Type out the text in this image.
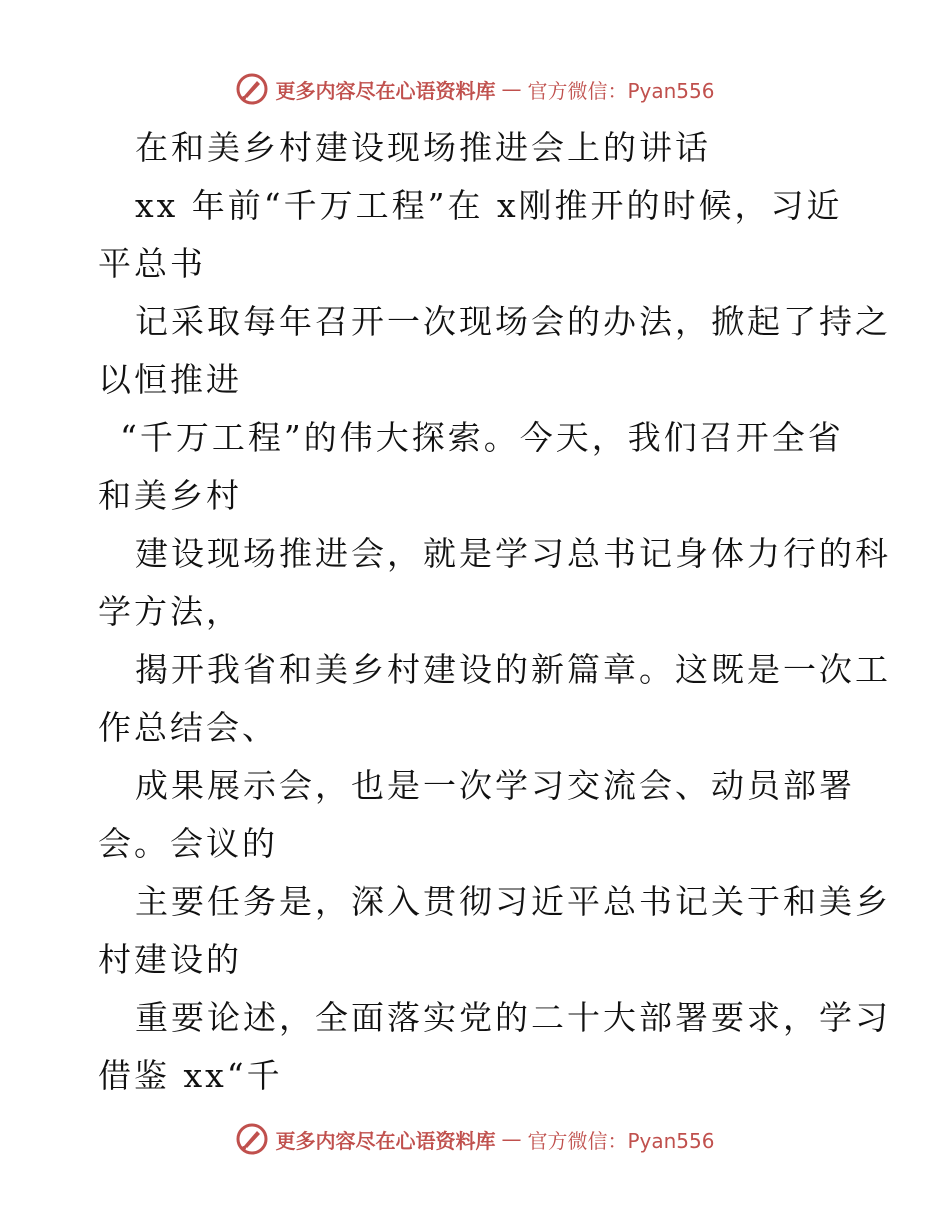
更多内容尽在心语资料库 — 官方微信：Pyan556
在和美乡村建设现场推进会上的讲话
xx 年前“千万工程”在 x刚推开的时候，习近
平总书
记采取每年召开一次现场会的办法，掀起了持之
以恒推进
“千万工程”的伟大探索。今天，我们召开全省
和美乡村
建设现场推进会，就是学习总书记身体力行的科
学方法，
揭开我省和美乡村建设的新篇章。这既是一次工
作总结会、
成果展示会，也是一次学习交流会、动员部署
会。会议的
主要任务是，深入贯彻习近平总书记关于和美乡
村建设的
重要论述，全面落实党的二十大部署要求，学习
借鉴 xx“千
更多内容尽在心语资料库 — 官方微信：Pyan556
